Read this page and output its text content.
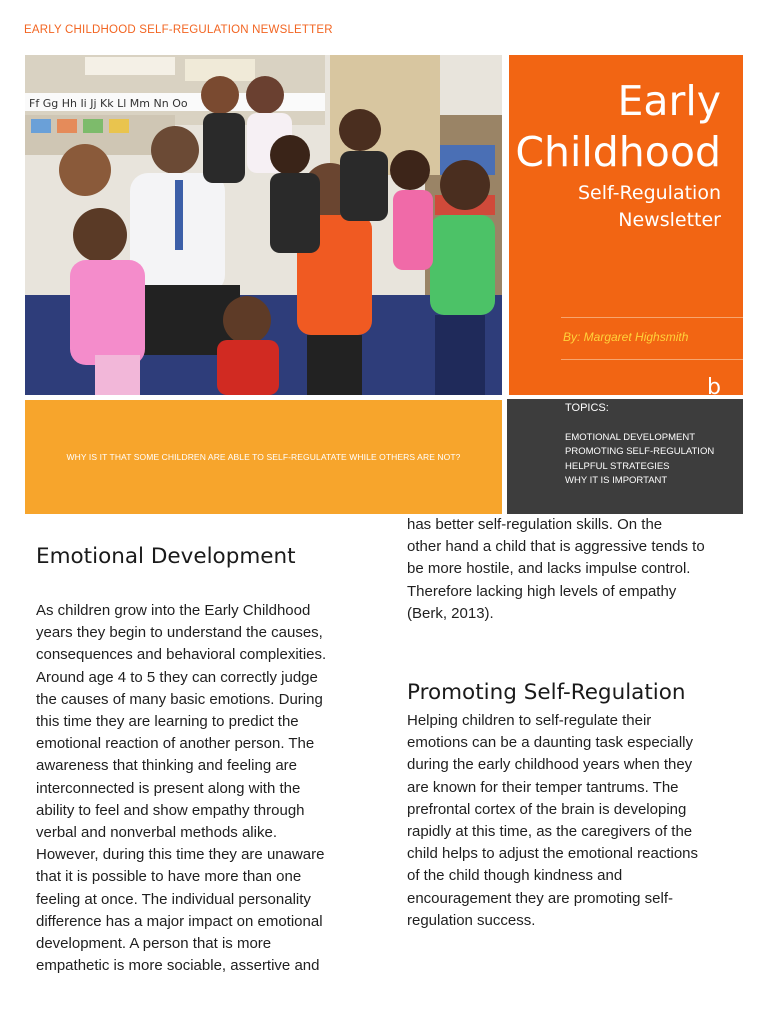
EARLY CHILDHOOD SELF-REGULATION NEWSLETTER
Ff Gg Hh Ii Jj Kk Ll Mm Nn Oo	Early
Childhood
Self-Regulation
Newsletter
By: Margaret Highsmith
b
WHY IS IT THAT SOME CHILDREN ARE ABLE TO SELF-REGULATATE WHILE OTHERS ARE NOT?
TOPICS:
EMOTIONAL DEVELOPMENT
PROMOTING SELF-REGULATION
HELPFUL STRATEGIES
WHY IT IS IMPORTANT
Emotional Development
As children grow into the Early Childhood
years they begin to understand the causes,
consequences and behavioral complexities.
Around age 4 to 5 they can correctly judge
the causes of many basic emotions. During
this time they are learning to predict the
emotional reaction of another person. The
awareness that thinking and feeling are
interconnected is present along with the
ability to feel and show empathy through
verbal and nonverbal methods alike.
However, during this time they are unaware
that it is possible to have more than one
feeling at once. The individual personality
difference has a major impact on emotional
development. A person that is more
empathetic is more sociable, assertive and
has better self-regulation skills. On the
other hand a child that is aggressive tends to
be more hostile, and lacks impulse control.
Therefore lacking high levels of empathy
(Berk, 2013).
Promoting Self-Regulation
Helping children to self-regulate their
emotions can be a daunting task especially
during the early childhood years when they
are known for their temper tantrums. The
prefrontal cortex of the brain is developing
rapidly at this time, as the caregivers of the
child helps to adjust the emotional reactions
of the child though kindness and
encouragement they are promoting self-
regulation success.
